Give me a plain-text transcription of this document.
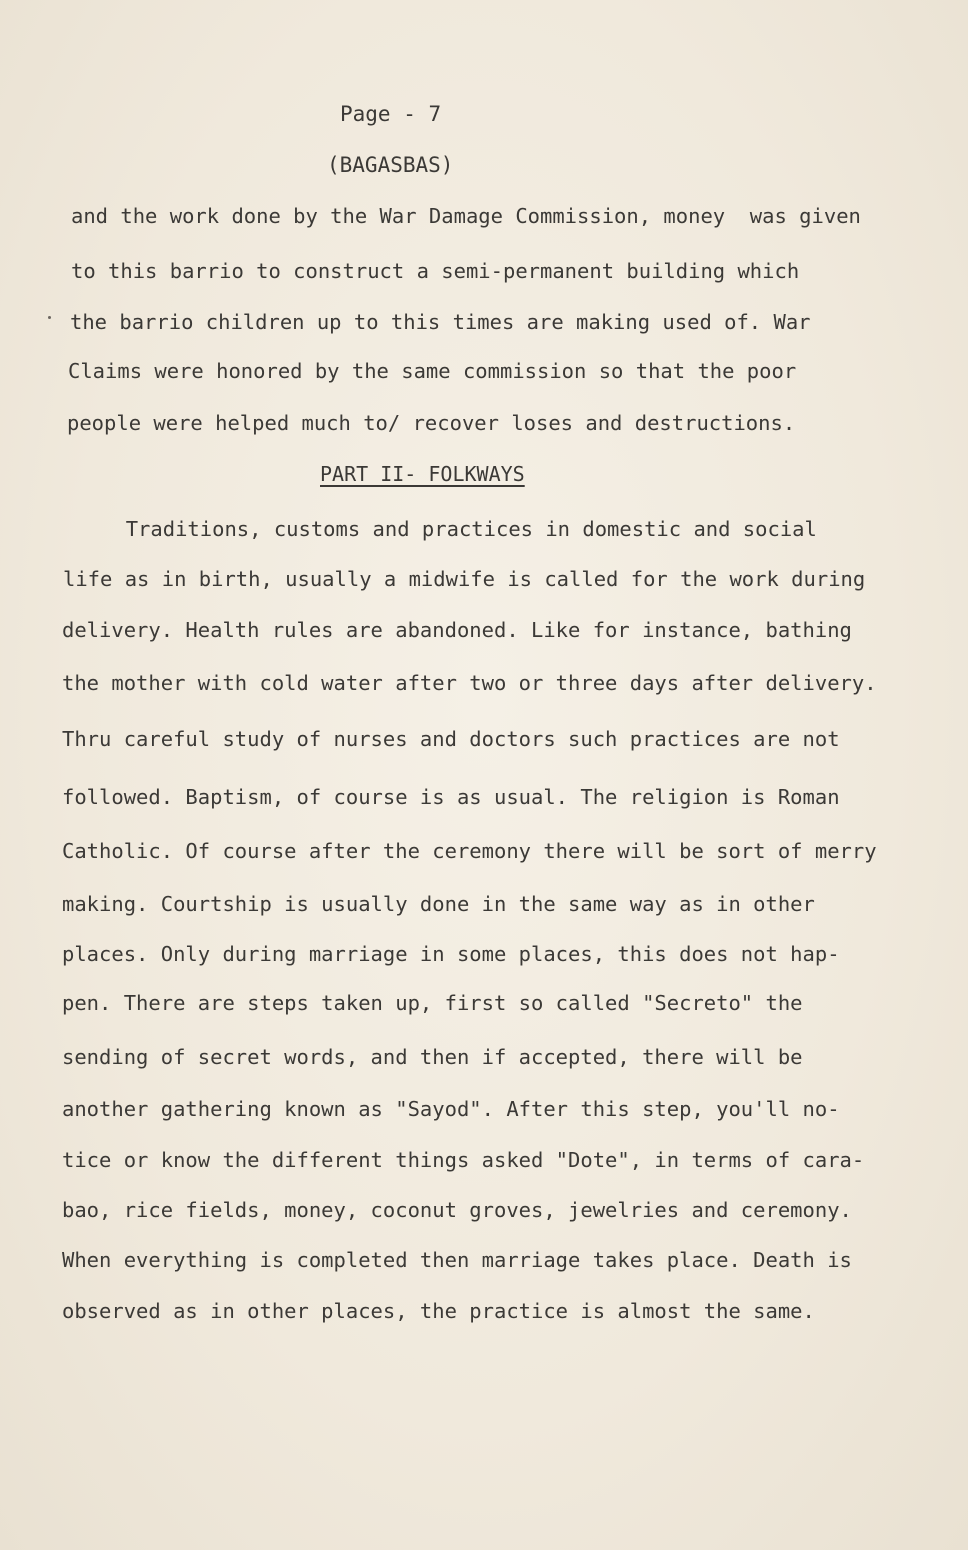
Page - 7
(BAGASBAS)
and the work done by the War Damage Commission, money  was given
to this barrio to construct a semi-permanent building which
the barrio children up to this times are making used of. War
Claims were honored by the same commission so that the poor
people were helped much to/ recover loses and destructions.
PART II- FOLKWAYS
Traditions, customs and practices in domestic and social
life as in birth, usually a midwife is called for the work during
delivery. Health rules are abandoned. Like for instance, bathing
the mother with cold water after two or three days after delivery.
Thru careful study of nurses and doctors such practices are not
followed. Baptism, of course is as usual. The religion is Roman
Catholic. Of course after the ceremony there will be sort of merry
making. Courtship is usually done in the same way as in other
places. Only during marriage in some places, this does not hap-
pen. There are steps taken up, first so called "Secreto" the
sending of secret words, and then if accepted, there will be
another gathering known as "Sayod". After this step, you'll no-
tice or know the different things asked "Dote", in terms of cara-
bao, rice fields, money, coconut groves, jewelries and ceremony.
When everything is completed then marriage takes place. Death is
observed as in other places, the practice is almost the same.
